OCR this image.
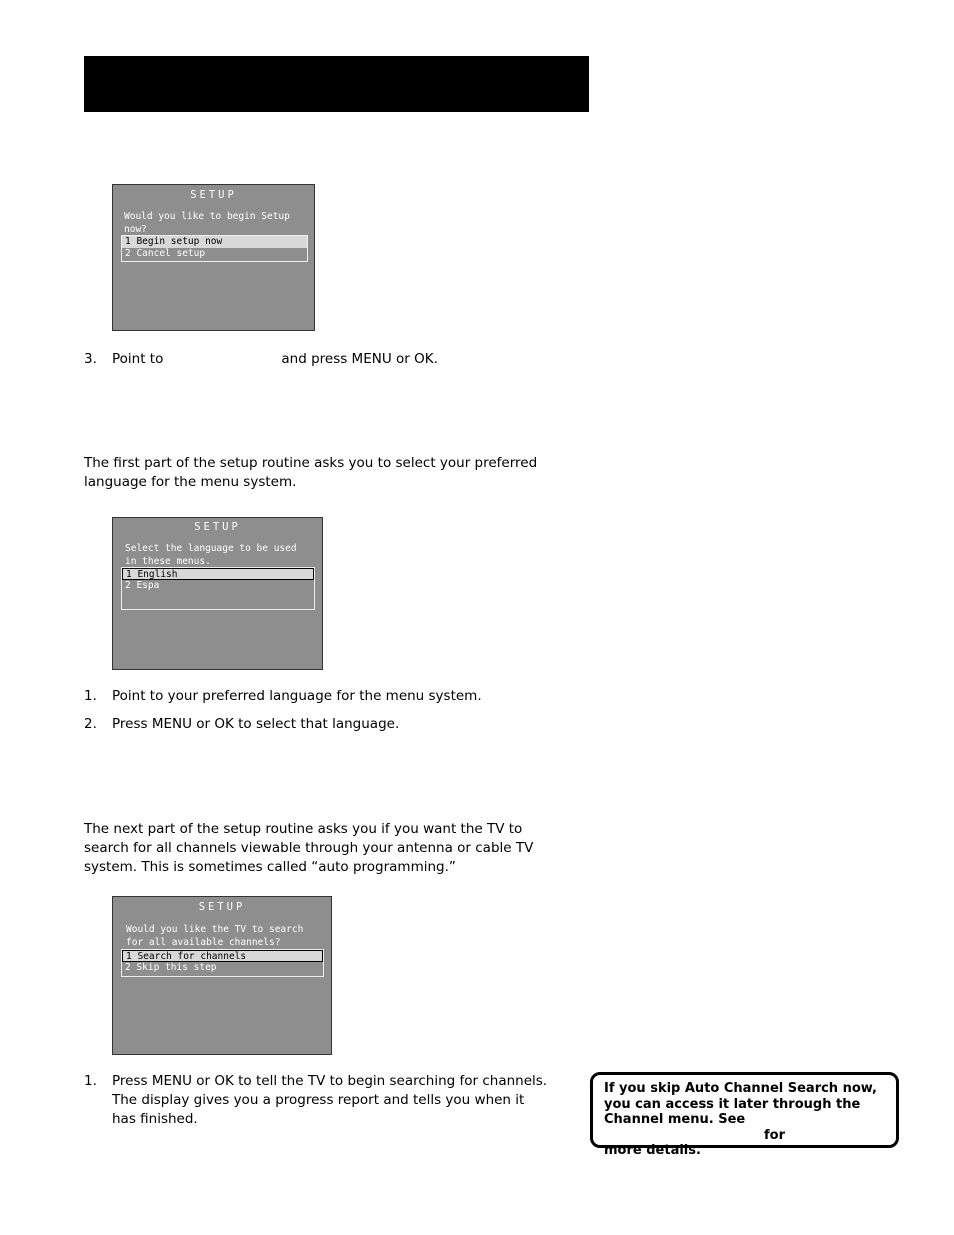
SETUP
Would you like to begin Setup
now?
1 Begin setup now
2 Cancel setup
3. Point to	and press MENU or OK.
The first part of the setup routine asks you to select your preferred language for the menu system.
SETUP
Select the language to be used
in these menus.
1 English
2 Espa
1. Point to your preferred language for the menu system.
2. Press MENU or OK to select that language.
The next part of the setup routine asks you if you want the TV to search for all channels viewable through your antenna or cable TV system. This is sometimes called “auto programming.”
SETUP
Would you like the TV to search
for all available channels?
1 Search for channels
2 Skip this step
1. Press MENU or OK to tell the TV to begin searching for channels. The display gives you a progress report and tells you when it has finished.
If you skip Auto Channel Search now, you can access it later through the Channel menu. Seefor
more details.
